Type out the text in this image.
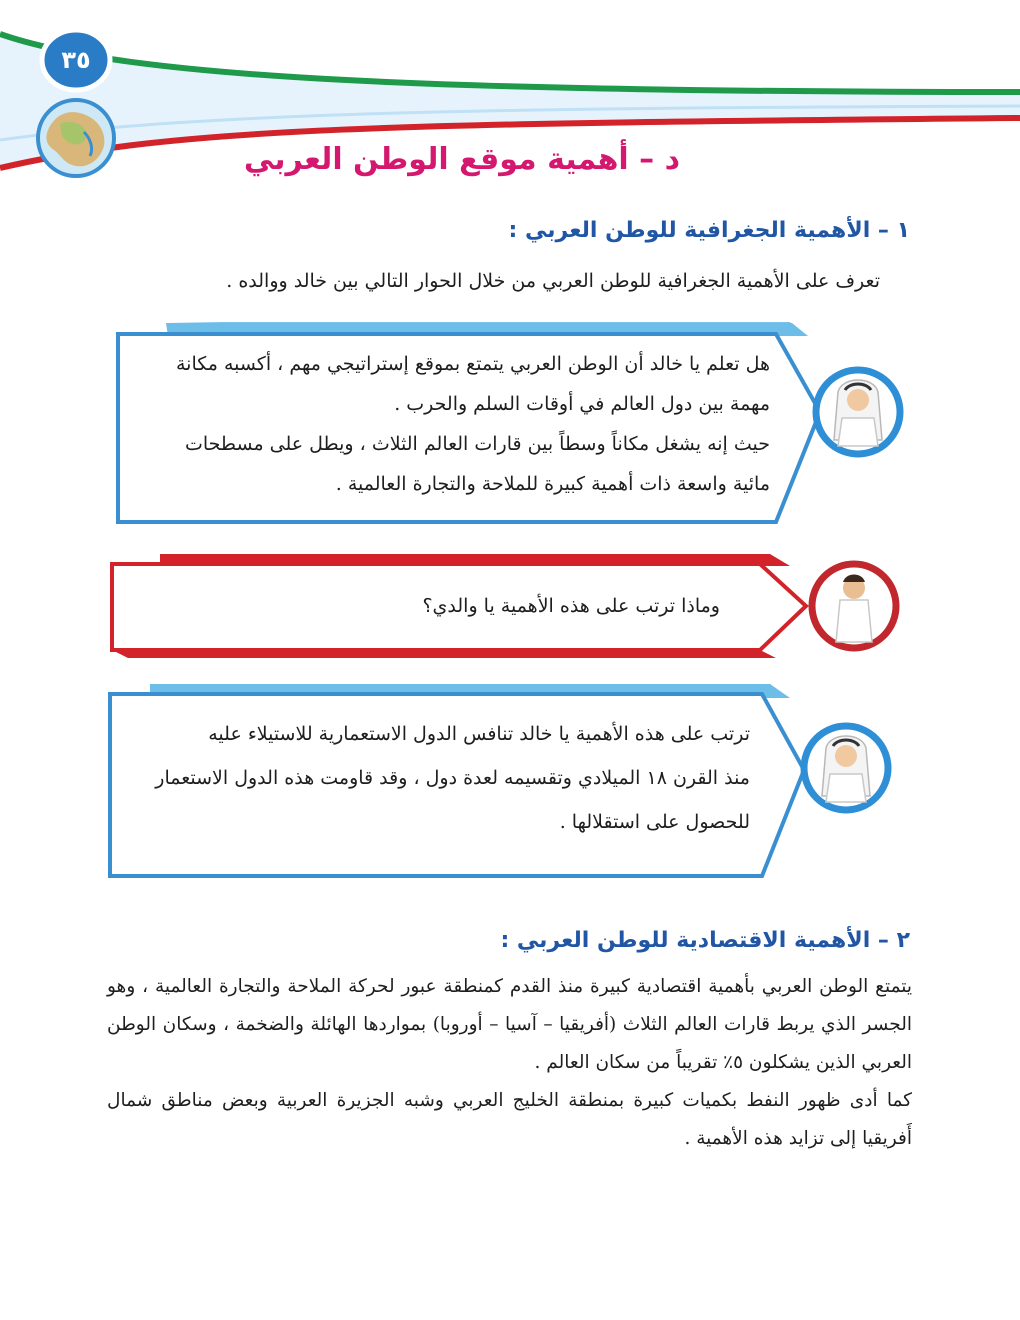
٣٥
د – أهمية موقع الوطن العربي
١ – الأهمية الجغرافية للوطن العربي :

تعرف على الأهمية الجغرافية للوطن العربي من خلال الحوار التالي بين خالد ووالده .

هل تعلم يا خالد أن الوطن العربي يتمتع بموقع إستراتيجي مهم ، أكسبه مكانة
مهمة بين دول العالم في أوقات السلم والحرب .
حيث إنه يشغل مكاناً وسطاً بين قارات العالم الثلاث ، ويطل على مسطحات
مائية واسعة ذات أهمية كبيرة للملاحة والتجارة العالمية .
وماذا ترتب على هذه الأهمية يا والدي؟
ترتب على هذه الأهمية يا خالد تنافس الدول الاستعمارية للاستيلاء عليه
منذ القرن ١٨ الميلادي وتقسيمه لعدة دول ، وقد قاومت هذه الدول الاستعمار
للحصول على استقلالها .
٢ – الأهمية الاقتصادية للوطن العربي :

يتمتع الوطن العربي بأهمية اقتصادية كبيرة منذ القدم كمنطقة عبور لحركة الملاحة والتجارة العالمية ، وهو الجسر الذي يربط قارات العالم الثلاث (أفريقيا – آسيا – أوروبا) بمواردها الهائلة والضخمة ، وسكان الوطن العربي الذين يشكلون ٥٪ تقريباً من سكان العالم .

كما أدى ظهور النفط بكميات كبيرة بمنطقة الخليج العربي وشبه الجزيرة العربية وبعض مناطق شمال أَفريقيا إلى تزايد هذه الأهمية .
